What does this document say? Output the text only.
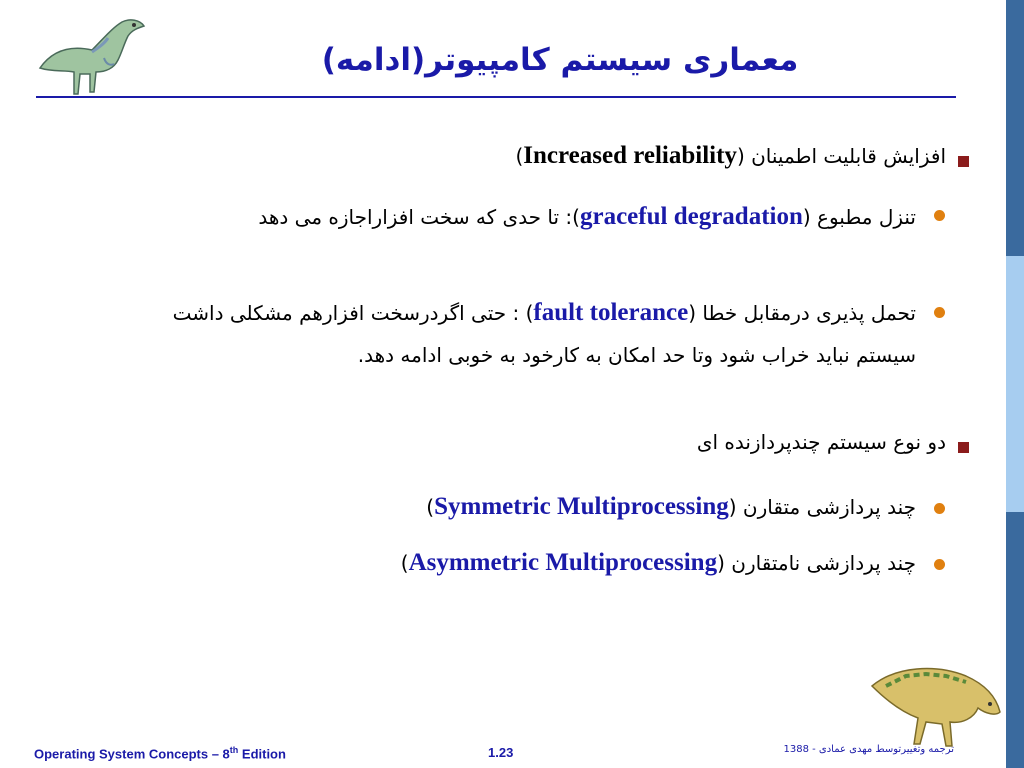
معماری سیستم کامپیوتر(ادامه)
افزایش قابلیت اطمینان (Increased reliability)
تنزل مطبوع (graceful degradation): تا حدی که سخت افزاراجازه می دهد
تحمل پذیری درمقابل خطا (fault tolerance) : حتی اگردرسخت افزارهم مشکلی داشت سیستم نباید خراب شود وتا حد امکان به کارخود به خوبی ادامه دهد.
دو نوع سیستم چندپردازنده ای
چند پردازشی متقارن (Symmetric Multiprocessing)
چند پردازشی نامتقارن (Asymmetric Multiprocessing)
Operating System Concepts – 8th Edition	1.23	ترجمه وتغییرتوسط مهدی عمادی - 1388
